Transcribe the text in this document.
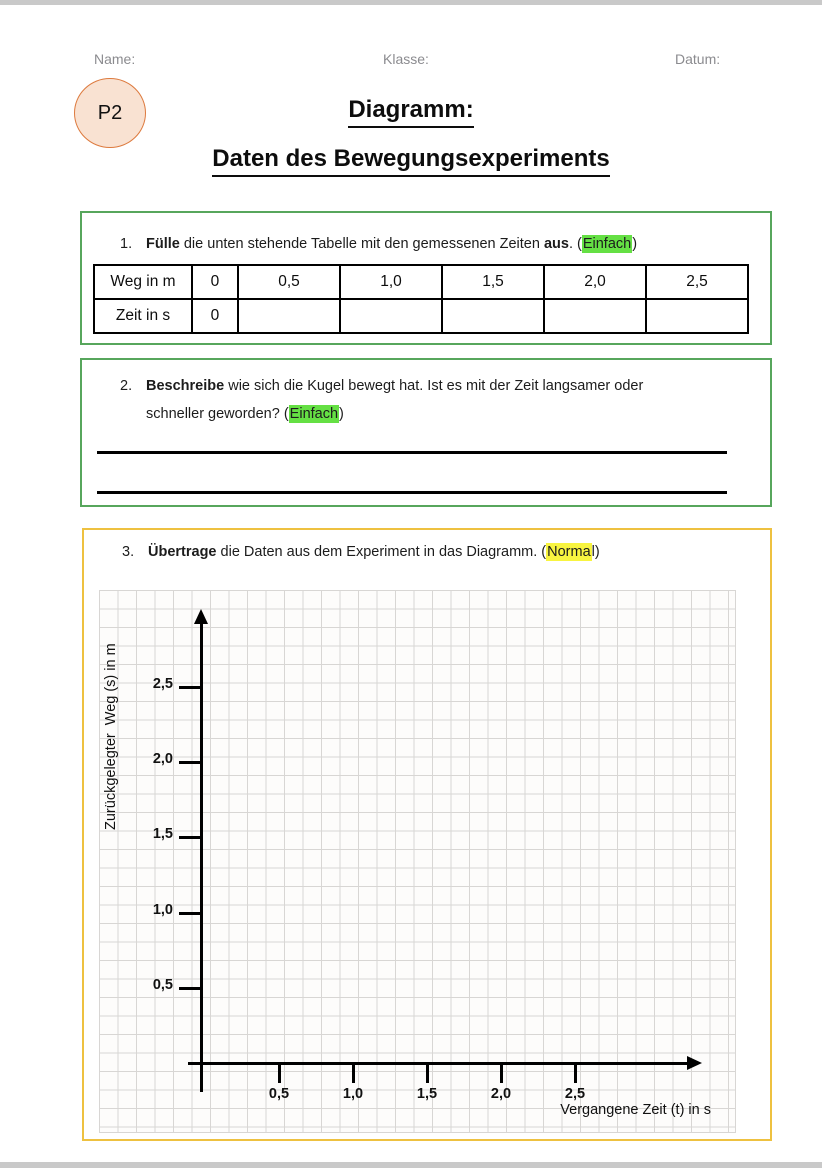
Name:	Klasse:	Datum:
P2	Diagramm:
Daten des Bewegungsexperiments
1. Fülle die unten stehende Tabelle mit den gemessenen Zeiten aus. (Einfach)
Weg in m	0	0,5	1,0	1,5	2,0	2,5
Zeit in s	0					
2. Beschreibe wie sich die Kugel bewegt hat. Ist es mit der Zeit langsamer oder
schneller geworden? (Einfach)
3. Übertrage die Daten aus dem Experiment in das Diagramm. (Normal)
2,5
2,0
1,5
1,0
0,5
0,5	1,0	1,5	2,0	2,5
Vergangene Zeit (t) in s
Zurückgelegter  Weg (s) in m
